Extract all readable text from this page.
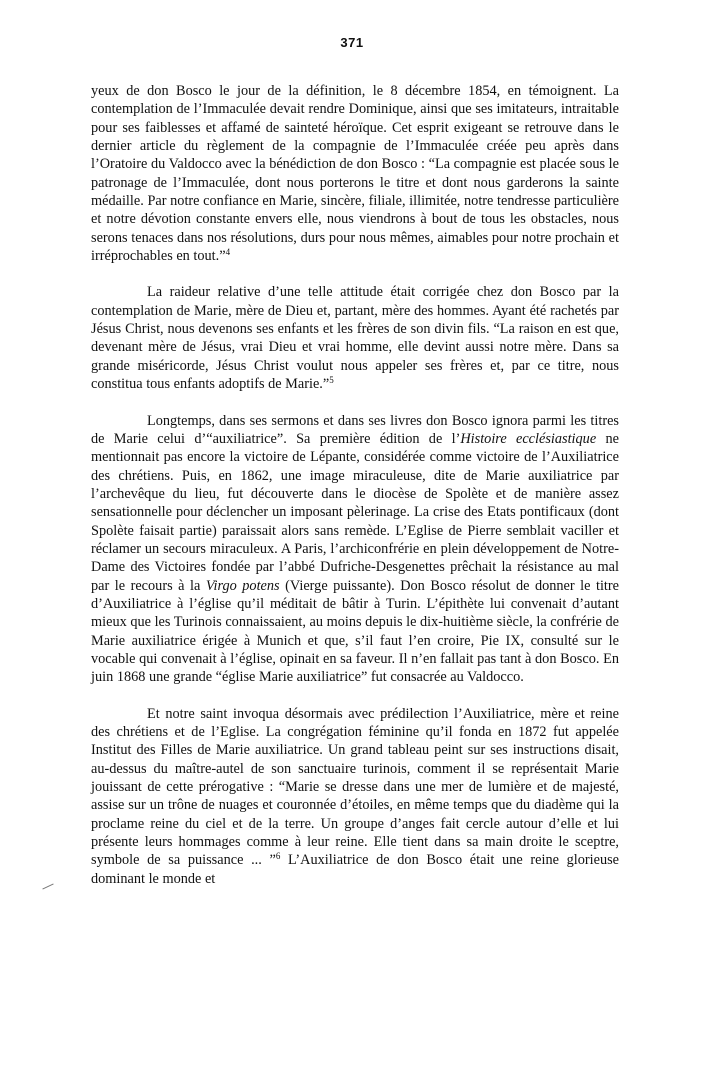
371

yeux de don Bosco le jour de la définition, le 8 décembre 1854, en témoignent. La contemplation de l’Immaculée devait rendre Dominique, ainsi que ses imitateurs, intraitable pour ses faiblesses et affamé de sainteté héroïque. Cet esprit exigeant se retrouve dans le dernier article du règlement de la compagnie de l’Immaculée créée peu après dans l’Oratoire du Valdocco avec la bénédiction de don Bosco : “La compagnie est placée sous le patronage de l’Immaculée, dont nous porterons le titre et dont nous garderons la sainte médaille. Par notre confiance en Marie, sincère, filiale, illimitée, notre tendresse particulière et notre dévotion constante envers elle, nous viendrons à bout de tous les obstacles, nous serons tenaces dans nos résolutions, durs pour nous mêmes, aimables pour notre prochain et irréprochables en tout.”$^4$

La raideur relative d’une telle attitude était corrigée chez don Bosco par la contemplation de Marie, mère de Dieu et, partant, mère des hommes. Ayant été rachetés par Jésus Christ, nous devenons ses enfants et les frères de son divin fils. “La raison en est que, devenant mère de Jésus, vrai Dieu et vrai homme, elle devint aussi notre mère. Dans sa grande miséricorde, Jésus Christ voulut nous appeler ses frères et, par ce titre, nous constitua tous enfants adoptifs de Marie.”$^5$

Longtemps, dans ses sermons et dans ses livres don Bosco ignora parmi les titres de Marie celui d’“auxiliatrice”. Sa première édition de l’Histoire ecclésiastique ne mentionnait pas encore la victoire de Lépante, considérée comme victoire de l’Auxiliatrice des chrétiens. Puis, en 1862, une image miraculeuse, dite de Marie auxiliatrice par l’archevêque du lieu, fut découverte dans le diocèse de Spolète et de manière assez sensationnelle pour déclencher un imposant pèlerinage. La crise des Etats pontificaux (dont Spolète faisait partie) paraissait alors sans remède. L’Eglise de Pierre semblait vaciller et réclamer un secours miraculeux. A Paris, l’archiconfrérie en plein développement de Notre-Dame des Victoires fondée par l’abbé Dufriche-Desgenettes prêchait la résistance au mal par le recours à la Virgo potens (Vierge puissante). Don Bosco résolut de donner le titre d’Auxiliatrice à l’église qu’il méditait de bâtir à Turin. L’épithète lui convenait d’autant mieux que les Turinois connaissaient, au moins depuis le dix-huitième siècle, la confrérie de Marie auxiliatrice érigée à Munich et que, s’il faut l’en croire, Pie IX, consulté sur le vocable qui convenait à l’église, opinait en sa faveur. Il n’en fallait pas tant à don Bosco. En juin 1868 une grande “église Marie auxiliatrice” fut consacrée au Valdocco.

Et notre saint invoqua désormais avec prédilection l’Auxiliatrice, mère et reine des chrétiens et de l’Eglise. La congrégation féminine qu’il fonda en 1872 fut appelée Institut des Filles de Marie auxiliatrice. Un grand tableau peint sur ses instructions disait, au-dessus du maître-autel de son sanctuaire turinois, comment il se représentait Marie jouissant de cette prérogative : “Marie se dresse dans une mer de lumière et de majesté, assise sur un trône de nuages et couronnée d’étoiles, en même temps que du diadème qui la proclame reine du ciel et de la terre. Un groupe d’anges fait cercle autour d’elle et lui présente leurs hommages comme à leur reine. Elle tient dans sa main droite le sceptre, symbole de sa puissance ... ”$^6$ L’Auxiliatrice de don Bosco était une reine glorieuse dominant le monde et
